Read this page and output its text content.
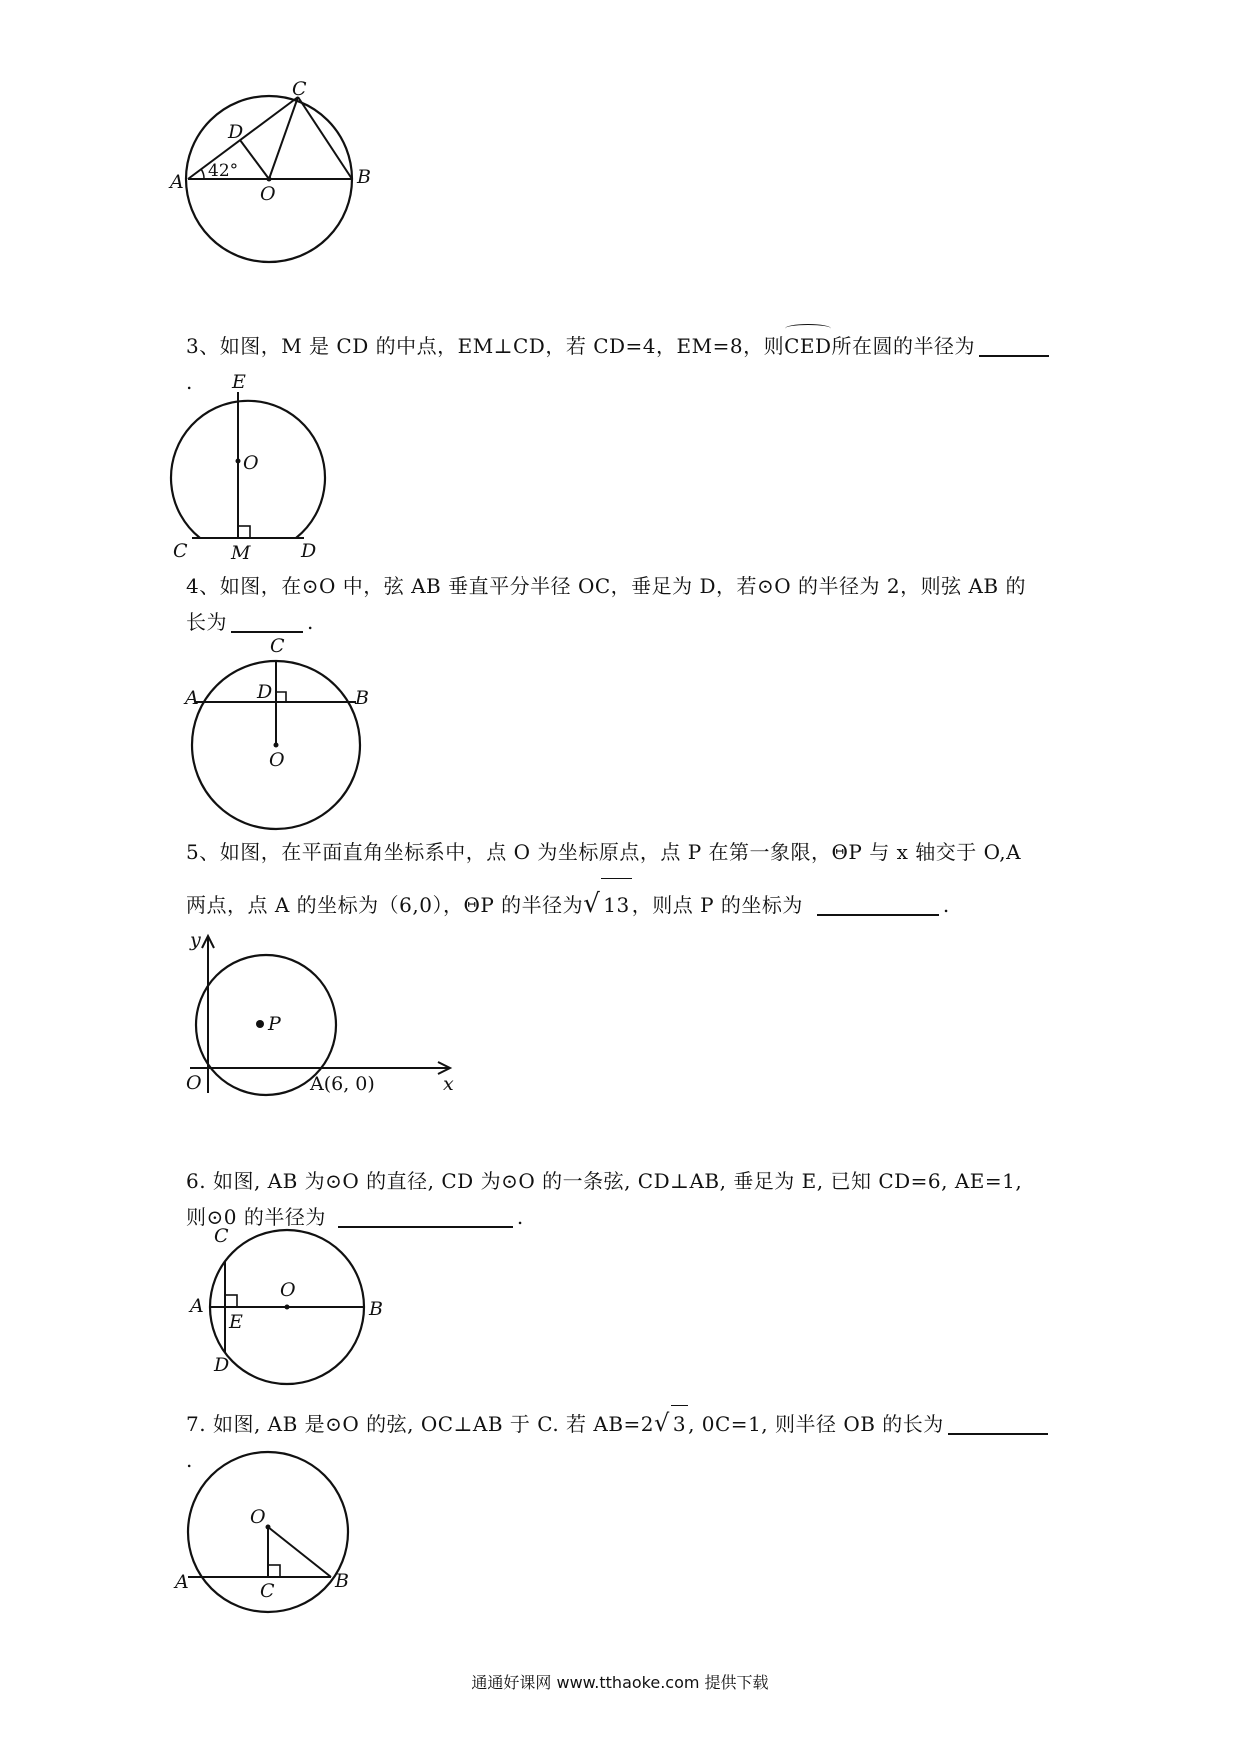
C
D
A 42°
O
B
3、如图，M 是 CD 的中点，EM⊥CD，若 CD=4，EM=8，则CED所在圆的半径为.	E
O
C M	D
4、如图，在⊙O 中，弦 AB 垂直平分半径 OC，垂足为 D，若⊙O 的半径为 2，则弦 AB 的
长为	.
C
A	D	B
O
5、如图，在平面直角坐标系中，点 O 为坐标原点，点 P 在第一象限，ΘP 与 x 轴交于 O,A
两点，点 A 的坐标为（6,0），ΘP 的半径为√ 13 ，则点 P 的坐标为	.
y
P
O	A(6, 0)	x
6. 如图, AB 为⊙O 的直径, CD 为⊙O 的一条弦, CD⊥AB, 垂足为 E, 已知 CD=6, AE=1,
则⊙0 的半径为	.
C
O
A
E
B
D
7. 如图, AB 是⊙O 的弦, OC⊥AB 于 C. 若 AB=2√ 3 , 0C=1, 则半径 OB 的长为.
O
A	C	B
通通好课网 www.tthaoke.com 提供下载
